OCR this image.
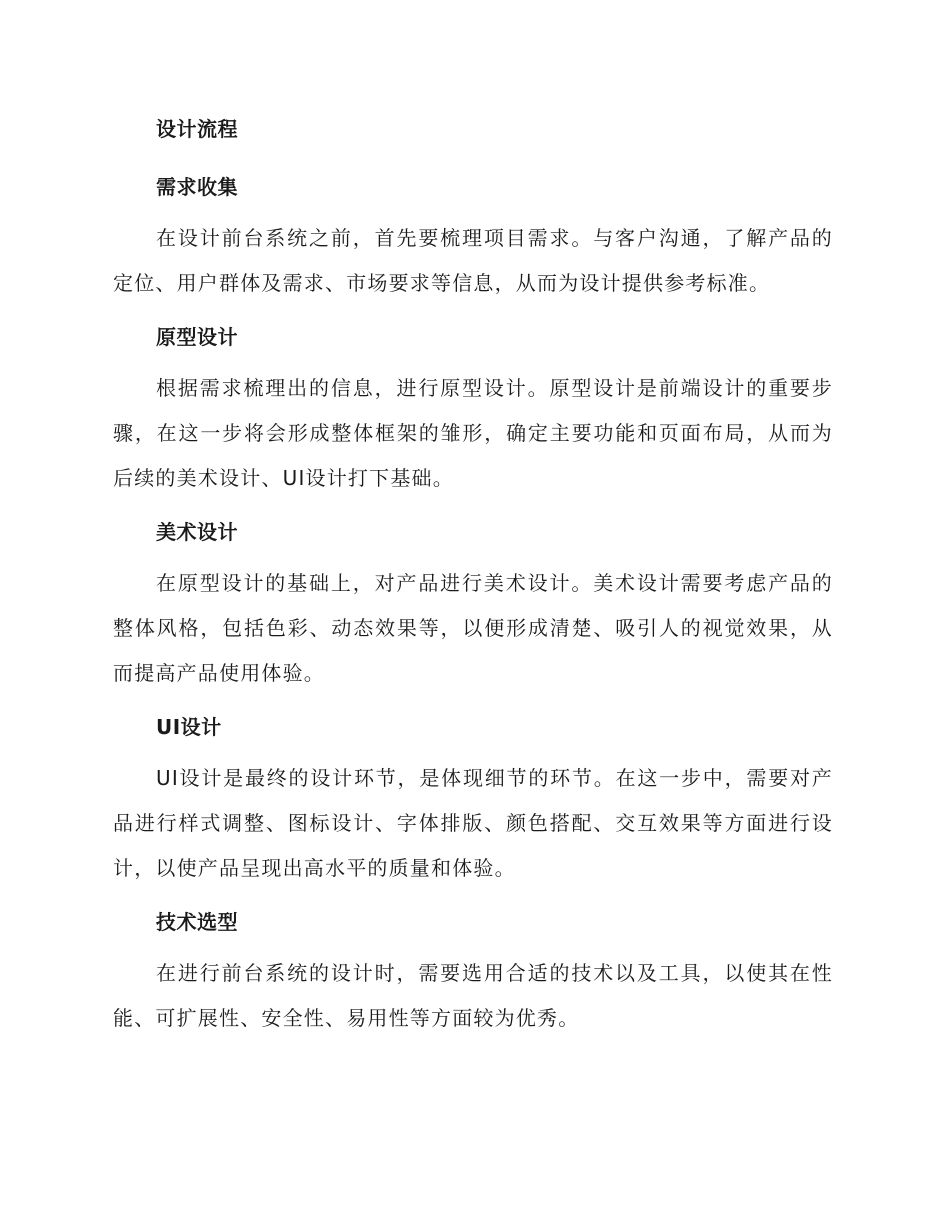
设计流程
需求收集

在设计前台系统之前，首先要梳理项目需求。与客户沟通，了解产品的定位、用户群体及需求、市场要求等信息，从而为设计提供参考标准。

原型设计

根据需求梳理出的信息，进行原型设计。原型设计是前端设计的重要步骤，在这一步将会形成整体框架的雏形，确定主要功能和页面布局，从而为后续的美术设计、UI设计打下基础。

美术设计

在原型设计的基础上，对产品进行美术设计。美术设计需要考虑产品的整体风格，包括色彩、动态效果等，以便形成清楚、吸引人的视觉效果，从而提高产品使用体验。

UI设计

UI设计是最终的设计环节，是体现细节的环节。在这一步中，需要对产品进行样式调整、图标设计、字体排版、颜色搭配、交互效果等方面进行设计，以使产品呈现出高水平的质量和体验。

技术选型

在进行前台系统的设计时，需要选用合适的技术以及工具，以使其在性能、可扩展性、安全性、易用性等方面较为优秀。
